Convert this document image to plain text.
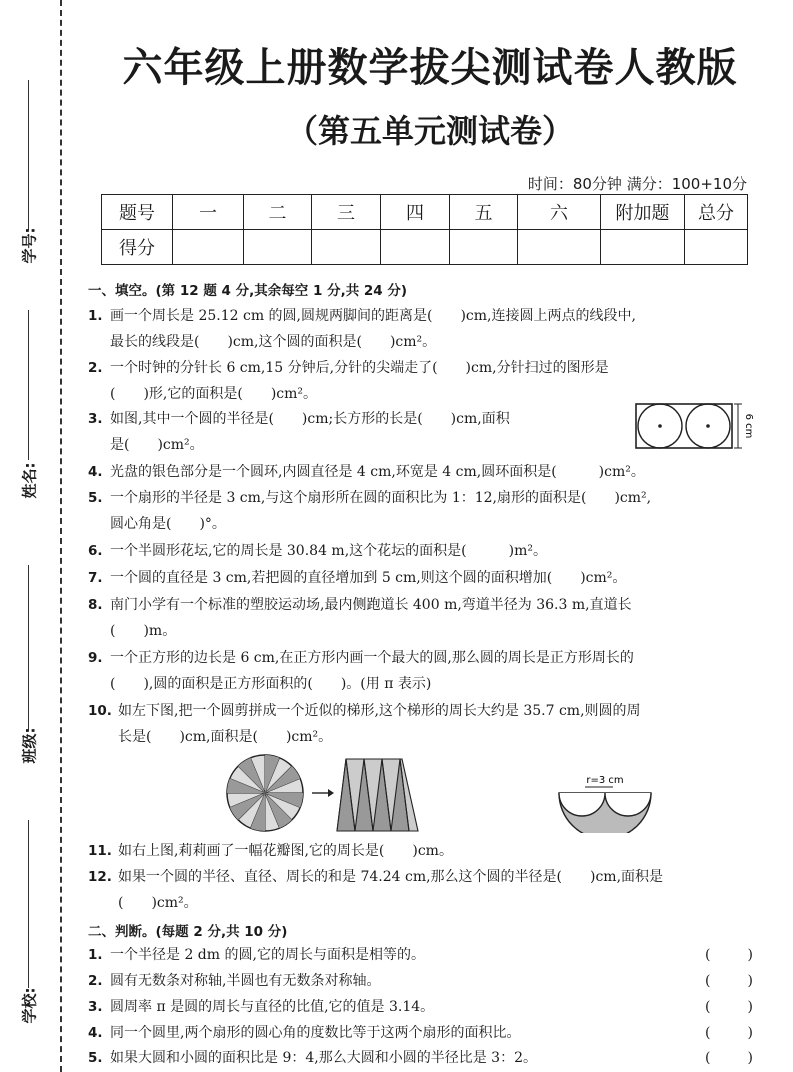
学号:
姓名:
班级:
学校:
六年级上册数学拔尖测试卷人教版
（第五单元测试卷）
时间：80分钟 满分：100+10分
题号	一	二	三	四	五	六	附加题	总分
得分								
一、填空。(第 12 题 4 分,其余每空 1 分,共 24 分)
1. 画一个周长是 25.12 cm 的圆,圆规两脚间的距离是(　　)cm,连接圆上两点的线段中,
最长的线段是(　　)cm,这个圆的面积是(　　)cm²。
2. 一个时钟的分针长 6 cm,15 分钟后,分针的尖端走了(　　)cm,分针扫过的图形是
(　　)形,它的面积是(　　)cm²。
3. 如图,其中一个圆的半径是(　　)cm;长方形的长是(　　)cm,面积
是(　　)cm²。
6 cm
4. 光盘的银色部分是一个圆环,内圆直径是 4 cm,环宽是 4 cm,圆环面积是(　　　)cm²。
5. 一个扇形的半径是 3 cm,与这个扇形所在圆的面积比为 1：12,扇形的面积是(　　)cm²,
圆心角是(　　)°。
6. 一个半圆形花坛,它的周长是 30.84 m,这个花坛的面积是(　　　)m²。
7. 一个圆的直径是 3 cm,若把圆的直径增加到 5 cm,则这个圆的面积增加(　　)cm²。
8. 南门小学有一个标准的塑胶运动场,最内侧跑道长 400 m,弯道半径为 36.3 m,直道长
(　　)m。
9. 一个正方形的边长是 6 cm,在正方形内画一个最大的圆,那么圆的周长是正方形周长的
(　　),圆的面积是正方形面积的(　　)。(用 π 表示)
10. 如左下图,把一个圆剪拼成一个近似的梯形,这个梯形的周长大约是 35.7 cm,则圆的周
长是(　　)cm,面积是(　　)cm²。
r=3 cm
11. 如右上图,莉莉画了一幅花瓣图,它的周长是(　　)cm。
12. 如果一个圆的半径、直径、周长的和是 74.24 cm,那么这个圆的半径是(　　)cm,面积是
(　　)cm²。
二、判断。(每题 2 分,共 10 分)
1. 一个半径是 2 dm 的圆,它的周长与面积是相等的。	(	)
2. 圆有无数条对称轴,半圆也有无数条对称轴。	(	)
3. 圆周率 π 是圆的周长与直径的比值,它的值是 3.14。	(	)
4. 同一个圆里,两个扇形的圆心角的度数比等于这两个扇形的面积比。	(	)
5. 如果大圆和小圆的面积比是 9：4,那么大圆和小圆的半径比是 3：2。	(	)
